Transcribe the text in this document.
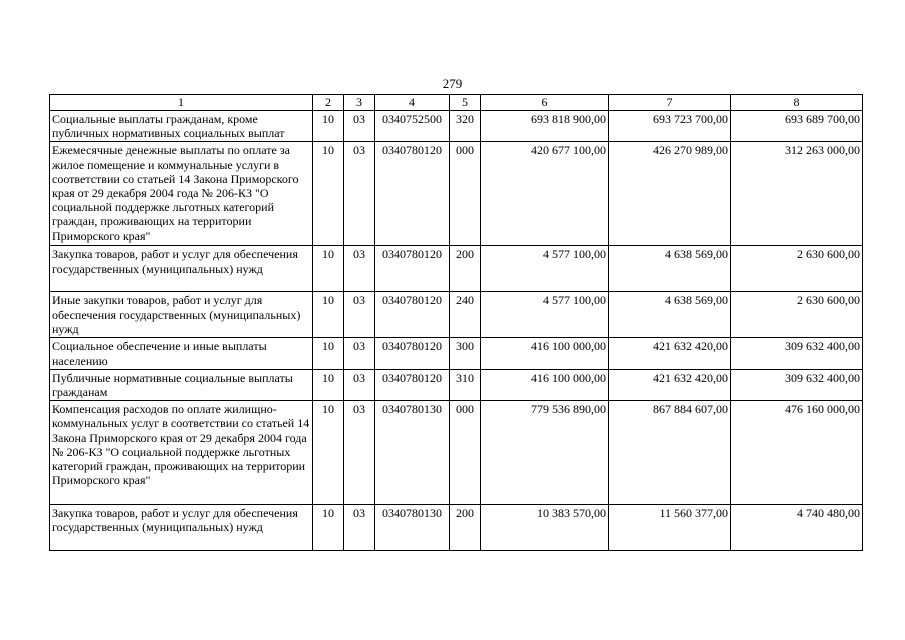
279
1	2	3	4	5	6	7	8
Социальные выплаты гражданам, кроме публичных нормативных социальных выплат	10	03	0340752500	320	693 818 900,00	693 723 700,00	693 689 700,00
Ежемесячные денежные выплаты по оплате за жилое помещение и коммунальные услуги в соответствии со статьей 14 Закона Приморского края от 29 декабря 2004 года № 206-КЗ "О социальной поддержке льготных категорий граждан, проживающих на территории Приморского края"	10	03	0340780120	000	420 677 100,00	426 270 989,00	312 263 000,00
Закупка товаров, работ и услуг для обеспечения государственных (муниципальных) нужд	10	03	0340780120	200	4 577 100,00	4 638 569,00	2 630 600,00
Иные закупки товаров, работ и услуг для обеспечения государственных (муниципальных) нужд	10	03	0340780120	240	4 577 100,00	4 638 569,00	2 630 600,00
Социальное обеспечение и иные выплаты населению	10	03	0340780120	300	416 100 000,00	421 632 420,00	309 632 400,00
Публичные нормативные социальные выплаты гражданам	10	03	0340780120	310	416 100 000,00	421 632 420,00	309 632 400,00
Компенсация расходов по оплате жилищно-коммунальных услуг в соответствии со статьей 14 Закона Приморского края от 29 декабря 2004 года № 206-КЗ "О социальной поддержке льготных категорий граждан, проживающих на территории Приморского края"	10	03	0340780130	000	779 536 890,00	867 884 607,00	476 160 000,00
Закупка товаров, работ и услуг для обеспечения государственных (муниципальных) нужд	10	03	0340780130	200	10 383 570,00	11 560 377,00	4 740 480,00
